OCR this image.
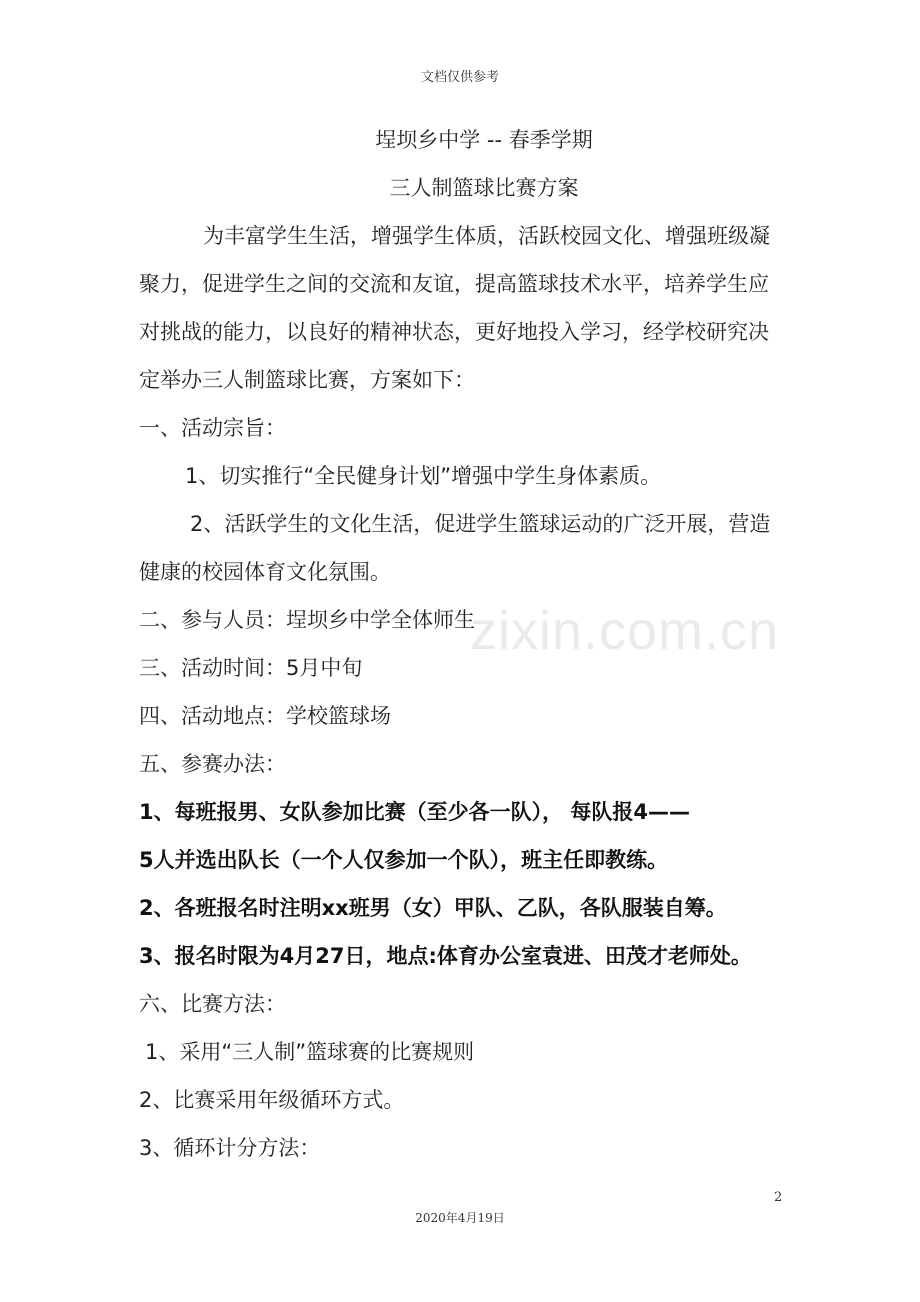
文档仅供参考
埕坝乡中学 -- 春季学期
三人制篮球比赛方案
为丰富学生生活，增强学生体质，活跃校园文化、增强班级凝
聚力，促进学生之间的交流和友谊，提高篮球技术水平，培养学生应
对挑战的能力，以良好的精神状态，更好地投入学习，经学校研究决
定举办三人制篮球比赛，方案如下：
一、活动宗旨：
1、切实推行“全民健身计划”增强中学生身体素质。
2、活跃学生的文化生活，促进学生篮球运动的广泛开展，营造
健康的校园体育文化氛围。
二、参与人员：埕坝乡中学全体师生
三、活动时间：5月中旬
四、活动地点：学校篮球场
五、参赛办法：
1、每班报男、女队参加比赛（至少各一队）， 每队报4——
5人并选出队长（一个人仅参加一个队），班主任即教练。
2、各班报名时注明xx班男（女）甲队、乙队，各队服装自筹。
3、报名时限为4月27日，地点:体育办公室袁进、田茂才老师处。
六、比赛方法：
1、采用“三人制”篮球赛的比赛规则
2、比赛采用年级循环方式。
3、循环计分方法：
zixin.com.cn
2
2020年4月19日
